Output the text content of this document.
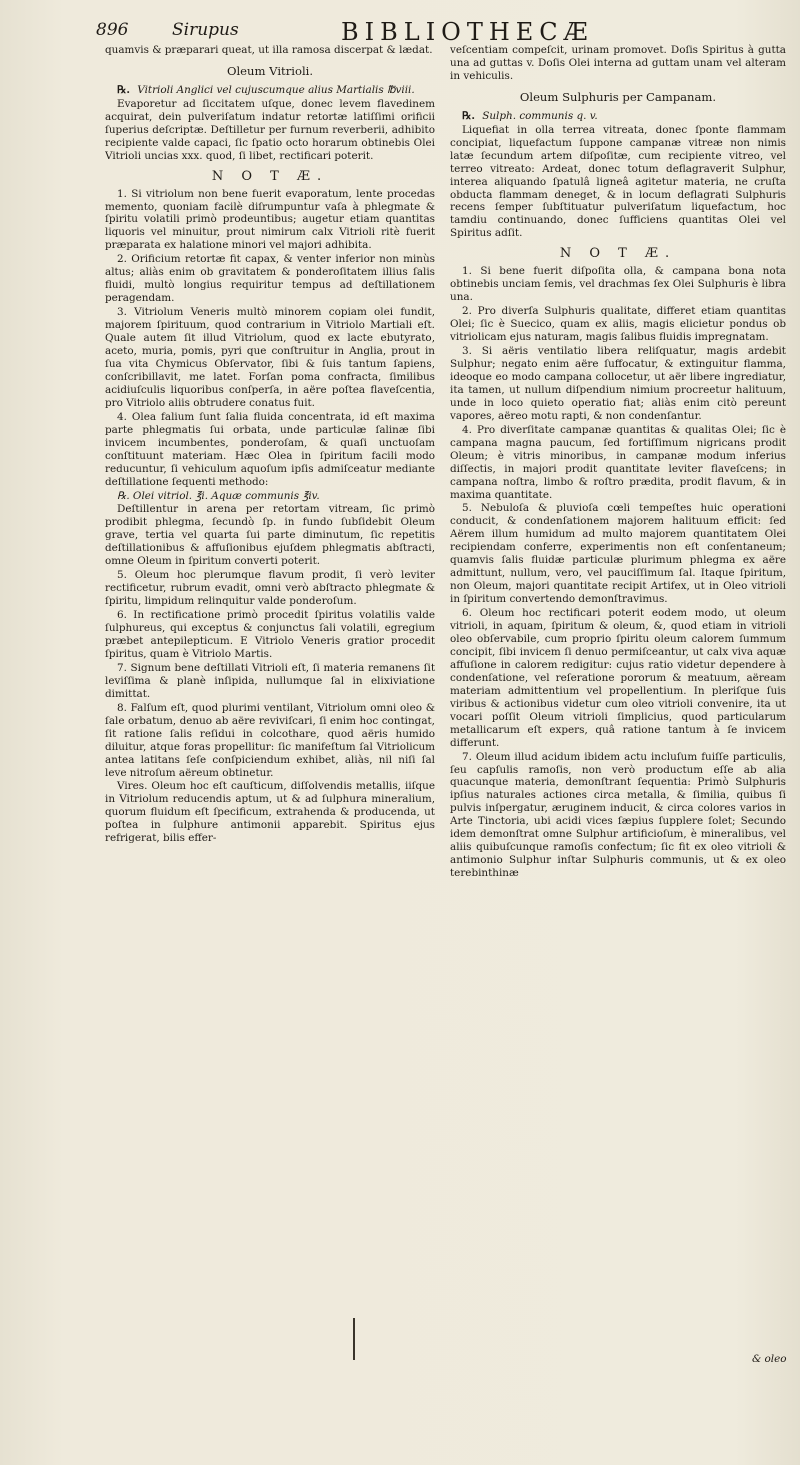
896	Sirupus	BIBLIOTHECÆ

quamvis & præparari queat, ut illa ramosa discerpat & lædat.

Oleum Vitrioli.

℞. Vitrioli Anglici vel cujuscumque alius Martialis ℔viii.

Evaporetur ad ſiccitatem uſque, donec levem flavedinem acquirat, dein pulveriſatum indatur retortæ latiſſimi orificii ſuperius deſcriptæ. Deſtilletur per furnum reverberii, adhibito recipiente valde capaci, ſic ſpatio octo horarum obtinebis Olei Vitrioli uncias xxx. quod, ſi libet, rectificari poterit.

N O T Æ.

1. Si vitriolum non bene fuerit evaporatum, lente procedas memento, quoniam facilè diſrumpuntur vaſa à phlegmate & ſpiritu volatili primò prodeuntibus; augetur etiam quantitas liquoris vel minuitur, prout nimirum calx Vitrioli ritè fuerit præparata ex halatione minori vel majori adhibita.

2. Orificium retortæ fit capax, & venter inferior non minùs altus; aliàs enim ob gravitatem & ponderoſitatem illius ſalis fluidi, multò longius requiritur tempus ad deſtillationem peragendam.

3. Vitriolum Veneris multò minorem copiam olei fundit, majorem ſpirituum, quod contrarium in Vitriolo Martiali eſt. Quale autem ſit illud Vitriolum, quod ex lacte ebutyrato, aceto, muria, pomis, pyri que conſtruitur in Anglia, prout in ſua vita Chymicus Obſervator, ſibi & ſuis tantum ſapiens, conſcribillavit, me latet. Forſan poma confracta, ſimilibus acidiuſculis liquoribus conſperſa, in aëre poſtea flaveſcentia, pro Vitriolo aliis obtrudere conatus fuit.

4. Olea falium ſunt ſalia fluida concentrata, id eſt maxima parte phlegmatis ſui orbata, unde particulæ ſalinæ ſibi invicem incumbentes, ponderoſam, & quaſi unctuoſam conſtituunt materiam. Hæc Olea in ſpiritum facili modo reducuntur, ſi vehiculum aquoſum ipſis admiſceatur mediante deſtillatione ſequenti methodo:

℞. Olei vitriol. ℥i. Aquæ communis ℥iv.

Deſtillentur in arena per retortam vitream, ſic primò prodibit phlegma, ſecundò ſp. in fundo ſubſidebit Oleum grave, tertia vel quarta ſui parte diminutum, ſic repetitis deſtillationibus & affuſionibus ejuſdem phlegmatis abſtracti, omne Oleum in ſpiritum converti poterit.

5. Oleum hoc plerumque flavum prodit, ſi verò leviter rectificetur, rubrum evadit, omni verò abſtracto phlegmate & ſpiritu, limpidum relinquitur valde ponderoſum.

6. In rectificatione primò procedit ſpiritus volatilis valde ſulphureus, qui exceptus & conjunctus ſali volatili, egregium præbet antepilepticum. E Vitriolo Veneris gratior procedit ſpiritus, quam è Vitriolo Martis.

7. Signum bene deſtillati Vitrioli eſt, ſi materia remanens ſit leviſſima & planè inſipida, nullumque ſal in elixiviatione dimittat.

8. Falſum eſt, quod plurimi ventilant, Vitriolum omni oleo & ſale orbatum, denuo ab aëre reviviſcari, ſi enim hoc contingat, ſit ratione ſalis reſidui in colcothare, quod aëris humido diluitur, atque foras propellitur: ſic manifeſtum ſal Vitriolicum antea latitans ſeſe conſpiciendum exhibet, aliàs, nil niſi ſal leve nitroſum aëreum obtinetur.

Vires. Oleum hoc eſt cauſticum, diſſolvendis metallis, iiſque in Vitriolum reducendis aptum, ut & ad ſulphura mineralium, quorum fluidum eſt ſpecificum, extrahenda & producenda, ut poſtea in ſulphure antimonii apparebit. Spiritus ejus refrigerat, bilis effer-

veſcentiam compeſcit, urinam promovet. Doſis Spiritus à gutta una ad guttas v. Doſis Olei interna ad guttam unam vel alteram in vehiculis.

Oleum Sulphuris per Campanam.

℞. Sulph. communis q. v.

Liquefiat in olla terrea vitreata, donec ſponte flammam concipiat, liquefactum ſuppone campanæ vitreæ non nimis latæ ſecundum artem diſpoſitæ, cum recipiente vitreo, vel terreo vitreato: Ardeat, donec totum deflagraverit Sulphur, interea aliquando ſpatulâ ligneâ agitetur materia, ne cruſta obducta flammam deneget, & in locum deflagrati Sulphuris recens ſemper ſubſtituatur pulveriſatum liquefactum, hoc tamdiu continuando, donec ſufficiens quantitas Olei vel Spiritus adſit.

N O T Æ.

1. Si bene fuerit diſpoſita olla, & campana bona nota obtinebis unciam ſemis, vel drachmas ſex Olei Sulphuris è libra una.

2. Pro diverſa Sulphuris qualitate, differet etiam quantitas Olei; ſic è Suecico, quam ex aliis, magis elicietur pondus ob vitriolicam ejus naturam, magis ſalibus fluidis impregnatam.

3. Si aëris ventilatio libera reliſquatur, magis ardebit Sulphur; negato enim aëre ſuffocatur, & extinguitur flamma, ideoque eo modo campana collocetur, ut aër libere ingrediatur, ita tamen, ut nullum diſpendium nimium procreetur halituum, unde in loco quieto operatio fiat; aliàs enim citò pereunt vapores, aëreo motu rapti, & non condenſantur.

4. Pro diverſitate campanæ quantitas & qualitas Olei; ſic è campana magna paucum, ſed fortiſſimum nigricans prodit Oleum; è vitris minoribus, in campanæ modum inferius diſſectis, in majori prodit quantitate leviter flaveſcens; in campana noſtra, limbo & roſtro prædita, prodit flavum, & in maxima quantitate.

5. Nebuloſa & pluvioſa cœli tempeſtes huic operationi conducit, & condenſationem majorem halituum efficit: ſed Aërem illum humidum ad multo majorem quantitatem Olei recipiendam conferre, experimentis non eſt conſentaneum; quamvis ſalis fluidæ particulæ plurimum phlegma ex aëre admittunt, nullum, vero, vel pauciſſimum ſal. Itaque ſpiritum, non Oleum, majori quantitate recipit Artifex, ut in Oleo vitrioli in ſpiritum convertendo demonſtravimus.

6. Oleum hoc rectificari poterit eodem modo, ut oleum vitrioli, in aquam, ſpiritum & oleum, &, quod etiam in vitrioli oleo obſervabile, cum proprio ſpiritu oleum calorem ſummum concipit, ſibi invicem ſi denuo permiſceantur, ut calx viva aquæ affuſione in calorem redigitur: cujus ratio videtur dependere à condenſatione, vel reſeratione pororum & meatuum, aëream materiam admittentium vel propellentium. In pleriſque ſuis viribus & actionibus videtur cum oleo vitrioli convenire, ita ut vocari poſſit Oleum vitrioli ſimplicius, quod particularum metallicarum eſt expers, quâ ratione tantum à ſe invicem differunt.

7. Oleum illud acidum ibidem actu incluſum fuiſſe particulis, ſeu capſulis ramoſis, non verò productum eſſe ab alia quacunque materia, demonſtrant ſequentia: Primò Sulphuris ipſius naturales actiones circa metalla, & ſimilia, quibus ſi pulvis inſpergatur, æruginem inducit, & circa colores varios in Arte Tinctoria, ubi acidi vices ſæpius ſupplere ſolet; Secundo idem demonſtrat omne Sulphur artificioſum, è mineralibus, vel aliis quibuſcunque ramoſis confectum; ſic fit ex oleo vitrioli & antimonio Sulphur inſtar Sulphuris communis, ut & ex oleo terebinthinæ

& oleo
